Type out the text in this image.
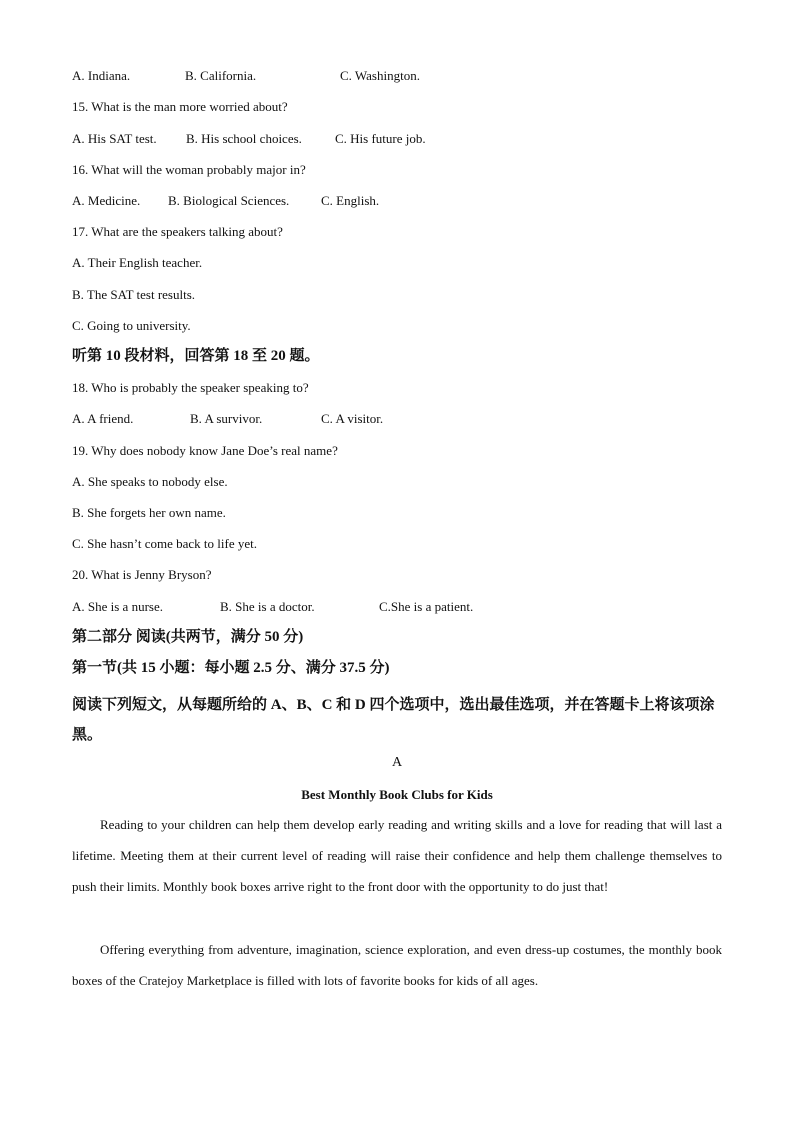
A. Indiana.	B. California.	C. Washington.
15. What is the man more worried about?
A. His SAT test. B. His school choices.	C. His future job.
16. What will the woman probably major in?
A. Medicine. B. Biological Sciences. C. English.
17. What are the speakers talking about?
A. Their English teacher.
B. The SAT test results.
C. Going to university.
听第 10 段材料，回答第 18 至 20 题。
18. Who is probably the speaker speaking to?
A. A friend.	B. A survivor.	C. A visitor.
19. Why does nobody know Jane Doe’s real name?
A. She speaks to nobody else.
B. She forgets her own name.
C. She hasn’t come back to life yet.
20. What is Jenny Bryson?
A. She is a nurse.	B. She is a doctor.	C.She is a patient.
第二部分 阅读(共两节，满分 50 分)
第一节(共 15 小题：每小题 2.5 分、满分 37.5 分)
阅读下列短文，从每题所给的 A、B、C 和 D 四个选项中，选出最佳选项，并在答题卡上将该项涂黑。
A
Best Monthly Book Clubs for Kids
Reading to your children can help them develop early reading and writing skills and a love for reading that will last a lifetime. Meeting them at their current level of reading will raise their confidence and help them challenge themselves to push their limits. Monthly book boxes arrive right to the front door with the opportunity to do just that!
Offering everything from adventure, imagination, science exploration, and even dress-up costumes, the monthly book boxes of the Cratejoy Marketplace is filled with lots of favorite books for kids of all ages.
